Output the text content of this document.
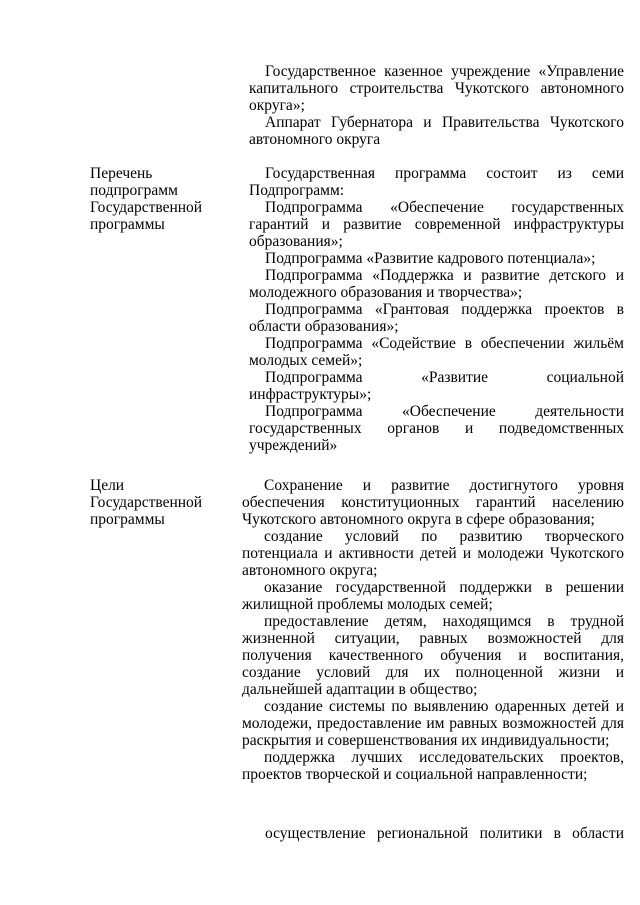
Государственное казенное учреждение «Управление капитального строительства Чукотского автономного округа»;

Аппарат Губернатора и Правительства Чукотского автономного округа

Перечень
подпрограмм
Государственной
программы

Государственная программа состоит из семи Подпрограмм:

Подпрограмма «Обеспечение государственных гарантий и развитие современной инфраструктуры образования»;

Подпрограмма «Развитие кадрового потенциала»;

Подпрограмма «Поддержка и развитие детского и молодежного образования и творчества»;

Подпрограмма «Грантовая поддержка проектов в области образования»;

Подпрограмма «Содействие в обеспечении жильём молодых семей»;

Подпрограмма «Развитие социальной инфраструктуры»;

Подпрограмма «Обеспечение деятельности государственных органов и подведомственных учреждений»

Цели
Государственной
программы

Сохранение и развитие достигнутого уровня обеспечения конституционных гарантий населению Чукотского автономного округа в сфере образования;

создание условий по развитию творческого потенциала и активности детей и молодежи Чукотского автономного округа;

оказание государственной поддержки в решении жилищной проблемы молодых семей;

предоставление детям, находящимся в трудной жизненной ситуации, равных возможностей для получения качественного обучения и воспитания, создание условий для их полноценной жизни и дальнейшей адаптации в общество;

создание системы по выявлению одаренных детей и молодежи, предоставление им равных возможностей для раскрытия и совершенствования их индивидуальности;

поддержка лучших исследовательских проектов, проектов творческой и социальной направленности;

осуществление региональной политики в области
